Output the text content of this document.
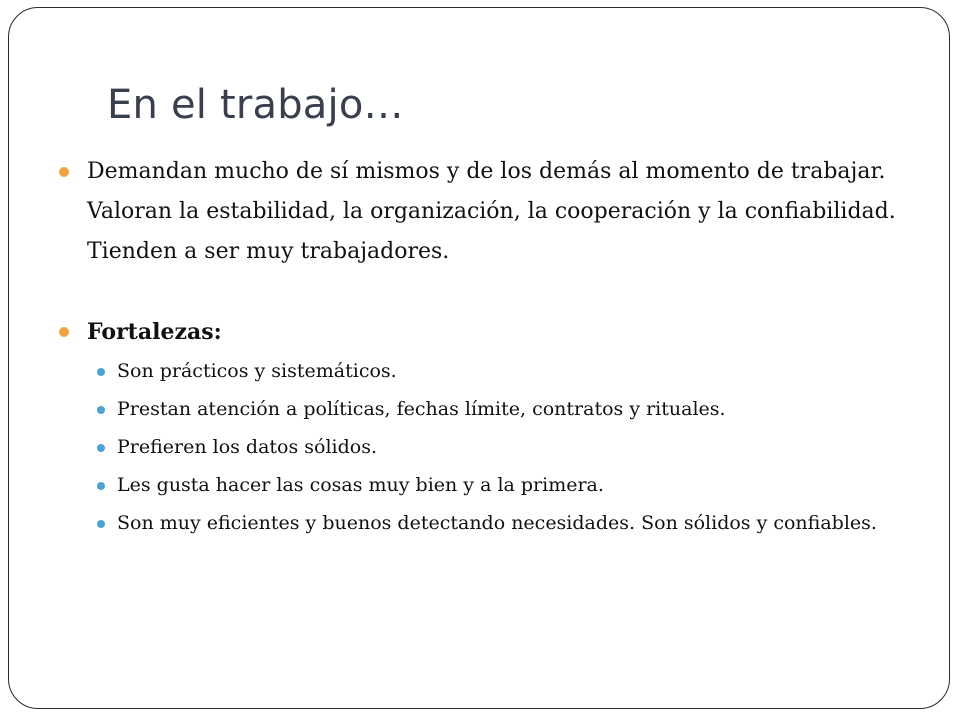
En el trabajo…
Demandan mucho de sí mismos y de los demás al momento de trabajar. Valoran la estabilidad, la organización, la cooperación y la confiabilidad. Tienden a ser muy trabajadores.
Fortalezas:
Son prácticos y sistemáticos.
Prestan atención a políticas, fechas límite, contratos y rituales.
Prefieren los datos sólidos.
Les gusta hacer las cosas muy bien y a la primera.
Son muy eficientes y buenos detectando necesidades. Son sólidos y confiables.
